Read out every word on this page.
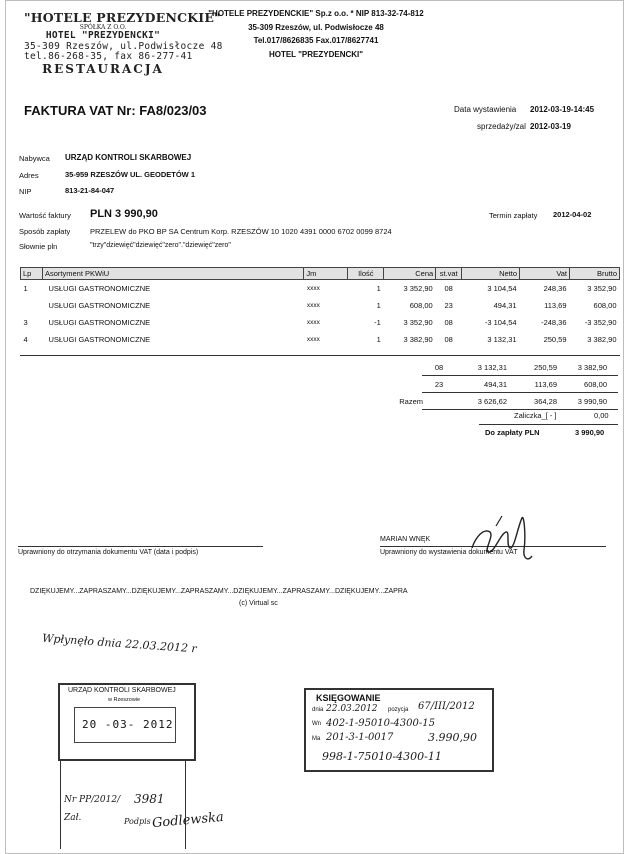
"HOTELE PREZYDENCKIE"
SPÓŁKA Z O.O.
HOTEL "PREZYDENCKI"
35-309 Rzeszów, ul.Podwisłocze 48
tel.86-268-35, fax 86-277-41
RESTAURACJA
"HOTELE PREZYDENCKIE" Sp.z o.o. * NIP 813-32-74-812
35-309 Rzeszów, ul. Podwisłocze 48
Tel.017/8626835 Fax.017/8627741
HOTEL "PREZYDENCKI"
FAKTURA VAT Nr: FA8/023/03	Data wystawienia 2012-03-19-14:45
sprzedaży/zal 2012-03-19
Nabywca URZĄD KONTROLI SKARBOWEJ
Adres	35-959 RZESZÓW UL. GEODETÓW 1
NIP	813-21-84-047
Wartość faktury PLN 3 990,90	Termin zapłaty 2012-04-02
Sposób zapłaty	PRZELEW do PKO BP SA Centrum Korp. RZESZÓW 10 1020 4391 0000 6702 0099 8724
Słownie pln	"trzy"dziewięć"dziewięć"zero"."dziewięć"zero"
Lp	Asortyment PKWiU	Jm	Ilość	Cena	st.vat	Netto	Vat	Brutto
1	USŁUGI GASTRONOMICZNE	xxxx	1	3 352,90	08	3 104,54	248,36	3 352,90
	USŁUGI GASTRONOMICZNE	xxxx	1	608,00	23	494,31	113,69	608,00
3	USŁUGI GASTRONOMICZNE	xxxx	-1	3 352,90	08	-3 104,54	-248,36	-3 352,90
4	USŁUGI GASTRONOMICZNE	xxxx	1	3 382,90	08	3 132,31	250,59	3 382,90
	08	3 132,31	250,59	3 382,90
	23	494,31	113,69	608,00
Razem		3 626,62	364,28	3 990,90
Zaliczka_[ - ]	0,00
Do zapłaty PLN	3 990,90
Uprawniony do otrzymania dokumentu VAT (data i podpis)
MARIAN WNĘK
Uprawniony do wystawienia dokumentu VAT
DZIĘKUJEMY...ZAPRASZAMY...DZIĘKUJEMY...ZAPRASZAMY...DZIĘKUJEMY...ZAPRASZAMY...DZIĘKUJEMY...ZAPRA
(c) Virtual sc
Wpłynęło dnia 22.03.2012 r
URZĄD KONTROLI SKARBOWEJ
w Rzeszowie
20 -03- 2012
Nr PP/2012/ 3981
Zał.	Podpis Godlewska
KSIĘGOWANIE
dnia 22.03.2012 pozycja 67/III/2012
Wn 402-1-95010-4300-15
Ma 201-3-1-0017	3.990,90
998-1-75010-4300-11
